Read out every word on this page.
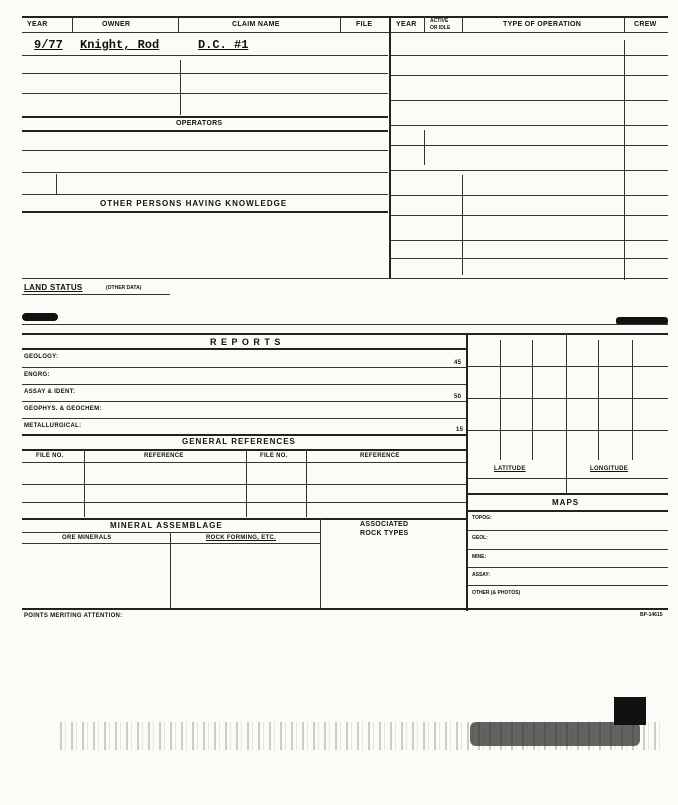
YEAR	OWNER	CLAIM NAME	FILE	YEAR	ACTIVE
OR IDLE	TYPE OF OPERATION	CREW
9/77 Knight, Rod	D.C. #1
OPERATORS
OTHER PERSONS HAVING KNOWLEDGE
LAND STATUS	(OTHER DATA)
R E P O R T S
GEOLOGY:
45
ENGRG:
ASSAY & IDENT:
50
GEOPHYS. & GEOCHEM:
METALLURGICAL:
15
GENERAL REFERENCES
FILE NO.	REFERENCE	FILE NO.	REFERENCE
LATITUDE	LONGITUDE
MAPS
TOPOG:
GEOL:
MINE:
ASSAY:
OTHER (& PHOTOS)
MINERAL ASSEMBLAGE	ASSOCIATED
ROCK TYPES
ORE MINERALS	ROCK FORMING, ETC.
POINTS MERITING ATTENTION:	BP-14615
